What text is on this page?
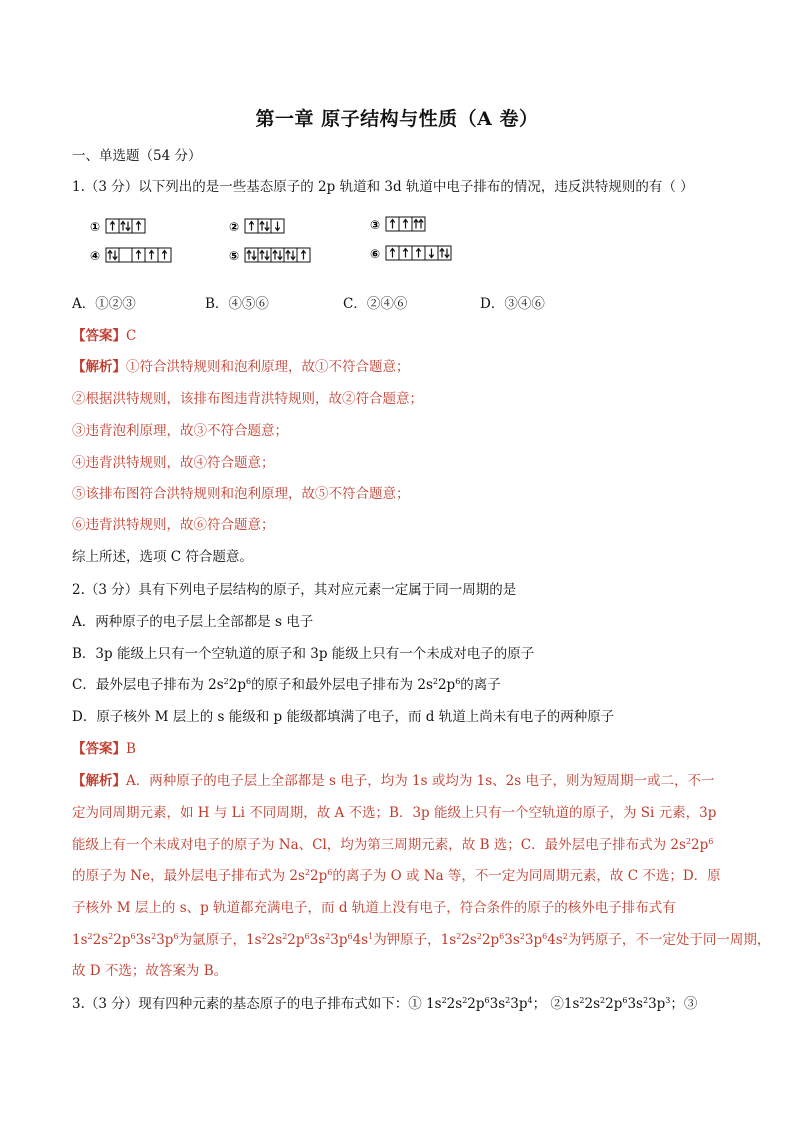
第一章 原子结构与性质（A 卷）
一、单选题（54 分）
1.（3 分）以下列出的是一些基态原子的 2p 轨道和 3d 轨道中电子排布的情况，违反洪特规则的有（ ）
①	②	③
④	⑤	⑥
A．①②③	B．④⑤⑥	C．②④⑥	D．③④⑥
【答案】C
【解析】①符合洪特规则和泡利原理，故①不符合题意；
②根据洪特规则，该排布图违背洪特规则，故②符合题意；
③违背泡利原理，故③不符合题意；
④违背洪特规则，故④符合题意；
⑤该排布图符合洪特规则和泡利原理，故⑤不符合题意；
⑥违背洪特规则，故⑥符合题意；
综上所述，选项 C 符合题意。
2.（3 分）具有下列电子层结构的原子，其对应元素一定属于同一周期的是
A．两种原子的电子层上全部都是 s 电子
B．3p 能级上只有一个空轨道的原子和 3p 能级上只有一个未成对电子的原子
C．最外层电子排布为 $2s^22p^6$的原子和最外层电子排布为 $2s^22p^6$的离子
D．原子核外 M 层上的 s 能级和 p 能级都填满了电子，而 d 轨道上尚未有电子的两种原子
【答案】B
【解析】A．两种原子的电子层上全部都是 s 电子，均为 1s 或均为 1s、2s 电子，则为短周期一或二，不一
定为同周期元素，如 H 与 Li 不同周期，故 A 不选；B．3p 能级上只有一个空轨道的原子，为 Si 元素，3p
能级上有一个未成对电子的原子为 Na、Cl，均为第三周期元素，故 B 选；C．最外层电子排布式为 $2s^22p^6$
的原子为 Ne，最外层电子排布式为 $2s^22p^6$的离子为 O 或 Na 等，不一定为同周期元素，故 C 不选；D．原
子核外 M 层上的 s、p 轨道都充满电子，而 d 轨道上没有电子，符合条件的原子的核外电子排布式有
$1s^22s^22p^63s^23p^6$为氩原子，$1s^22s^22p^63s^23p^64s^1$为钾原子，$1s^22s^22p^63s^23p^64s^2$为钙原子，不一定处于同一周期，
故 D 不选；故答案为 B。
3.（3 分）现有四种元素的基态原子的电子排布式如下：① $1s^22s^22p^63s^23p^4$； $②1s^22s^22p^63s^23p^3$；③
